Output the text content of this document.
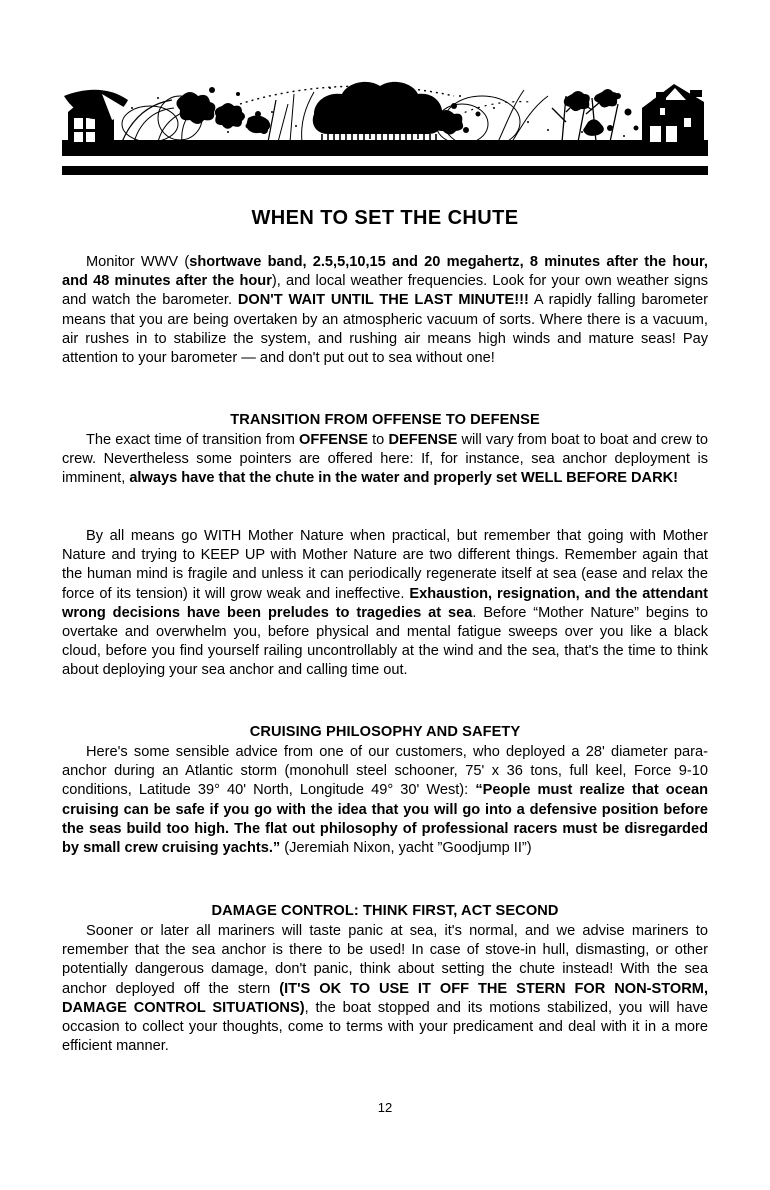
WHEN TO SET THE CHUTE

Monitor WWV (shortwave band, 2.5,5,10,15 and 20 megahertz, 8 minutes after the hour, and 48 minutes after the hour), and local weather frequencies. Look for your own weather signs and watch the barometer. DON'T WAIT UNTIL THE LAST MINUTE!!! A rapidly falling barometer means that you are being overtaken by an atmospheric vacuum of sorts. Where there is a vacuum, air rushes in to stabilize the system, and rushing air means high winds and mature seas! Pay attention to your barometer — and don't put out to sea without one!

TRANSITION FROM OFFENSE TO DEFENSE

The exact time of transition from OFFENSE to DEFENSE will vary from boat to boat and crew to crew. Nevertheless some pointers are offered here: If, for instance, sea anchor deployment is imminent, always have that the chute in the water and properly set WELL BEFORE DARK!

By all means go WITH Mother Nature when practical, but remember that going with Mother Nature and trying to KEEP UP with Mother Nature are two different things. Remember again that the human mind is fragile and unless it can periodically regenerate itself at sea (ease and relax the force of its tension) it will grow weak and ineffective. Exhaustion, resignation, and the attendant wrong decisions have been preludes to tragedies at sea. Before “Mother Nature” begins to overtake and overwhelm you, before physical and mental fatigue sweeps over you like a black cloud, before you find yourself railing uncontrollably at the wind and the sea, that's the time to think about deploying your sea anchor and calling time out.

CRUISING PHILOSOPHY AND SAFETY

Here's some sensible advice from one of our customers, who deployed a 28' diameter para-anchor during an Atlantic storm (monohull steel schooner, 75' x 36 tons, full keel, Force 9-10 conditions, Latitude 39° 40' North, Longitude 49° 30' West): “People must realize that ocean cruising can be safe if you go with the idea that you will go into a defensive position before the seas build too high. The flat out philosophy of professional racers must be disregarded by small crew cruising yachts.” (Jeremiah Nixon, yacht ”Goodjump II”)

DAMAGE CONTROL: THINK FIRST, ACT SECOND

Sooner or later all mariners will taste panic at sea, it's normal, and we advise mariners to remember that the sea anchor is there to be used! In case of stove-in hull, dismasting, or other potentially dangerous damage, don't panic, think about setting the chute instead! With the sea anchor deployed off the stern (IT'S OK TO USE IT OFF THE STERN FOR NON-STORM, DAMAGE CONTROL SITUATIONS), the boat stopped and its motions stabilized, you will have occasion to collect your thoughts, come to terms with your predicament and deal with it in a more efficient manner.

12
